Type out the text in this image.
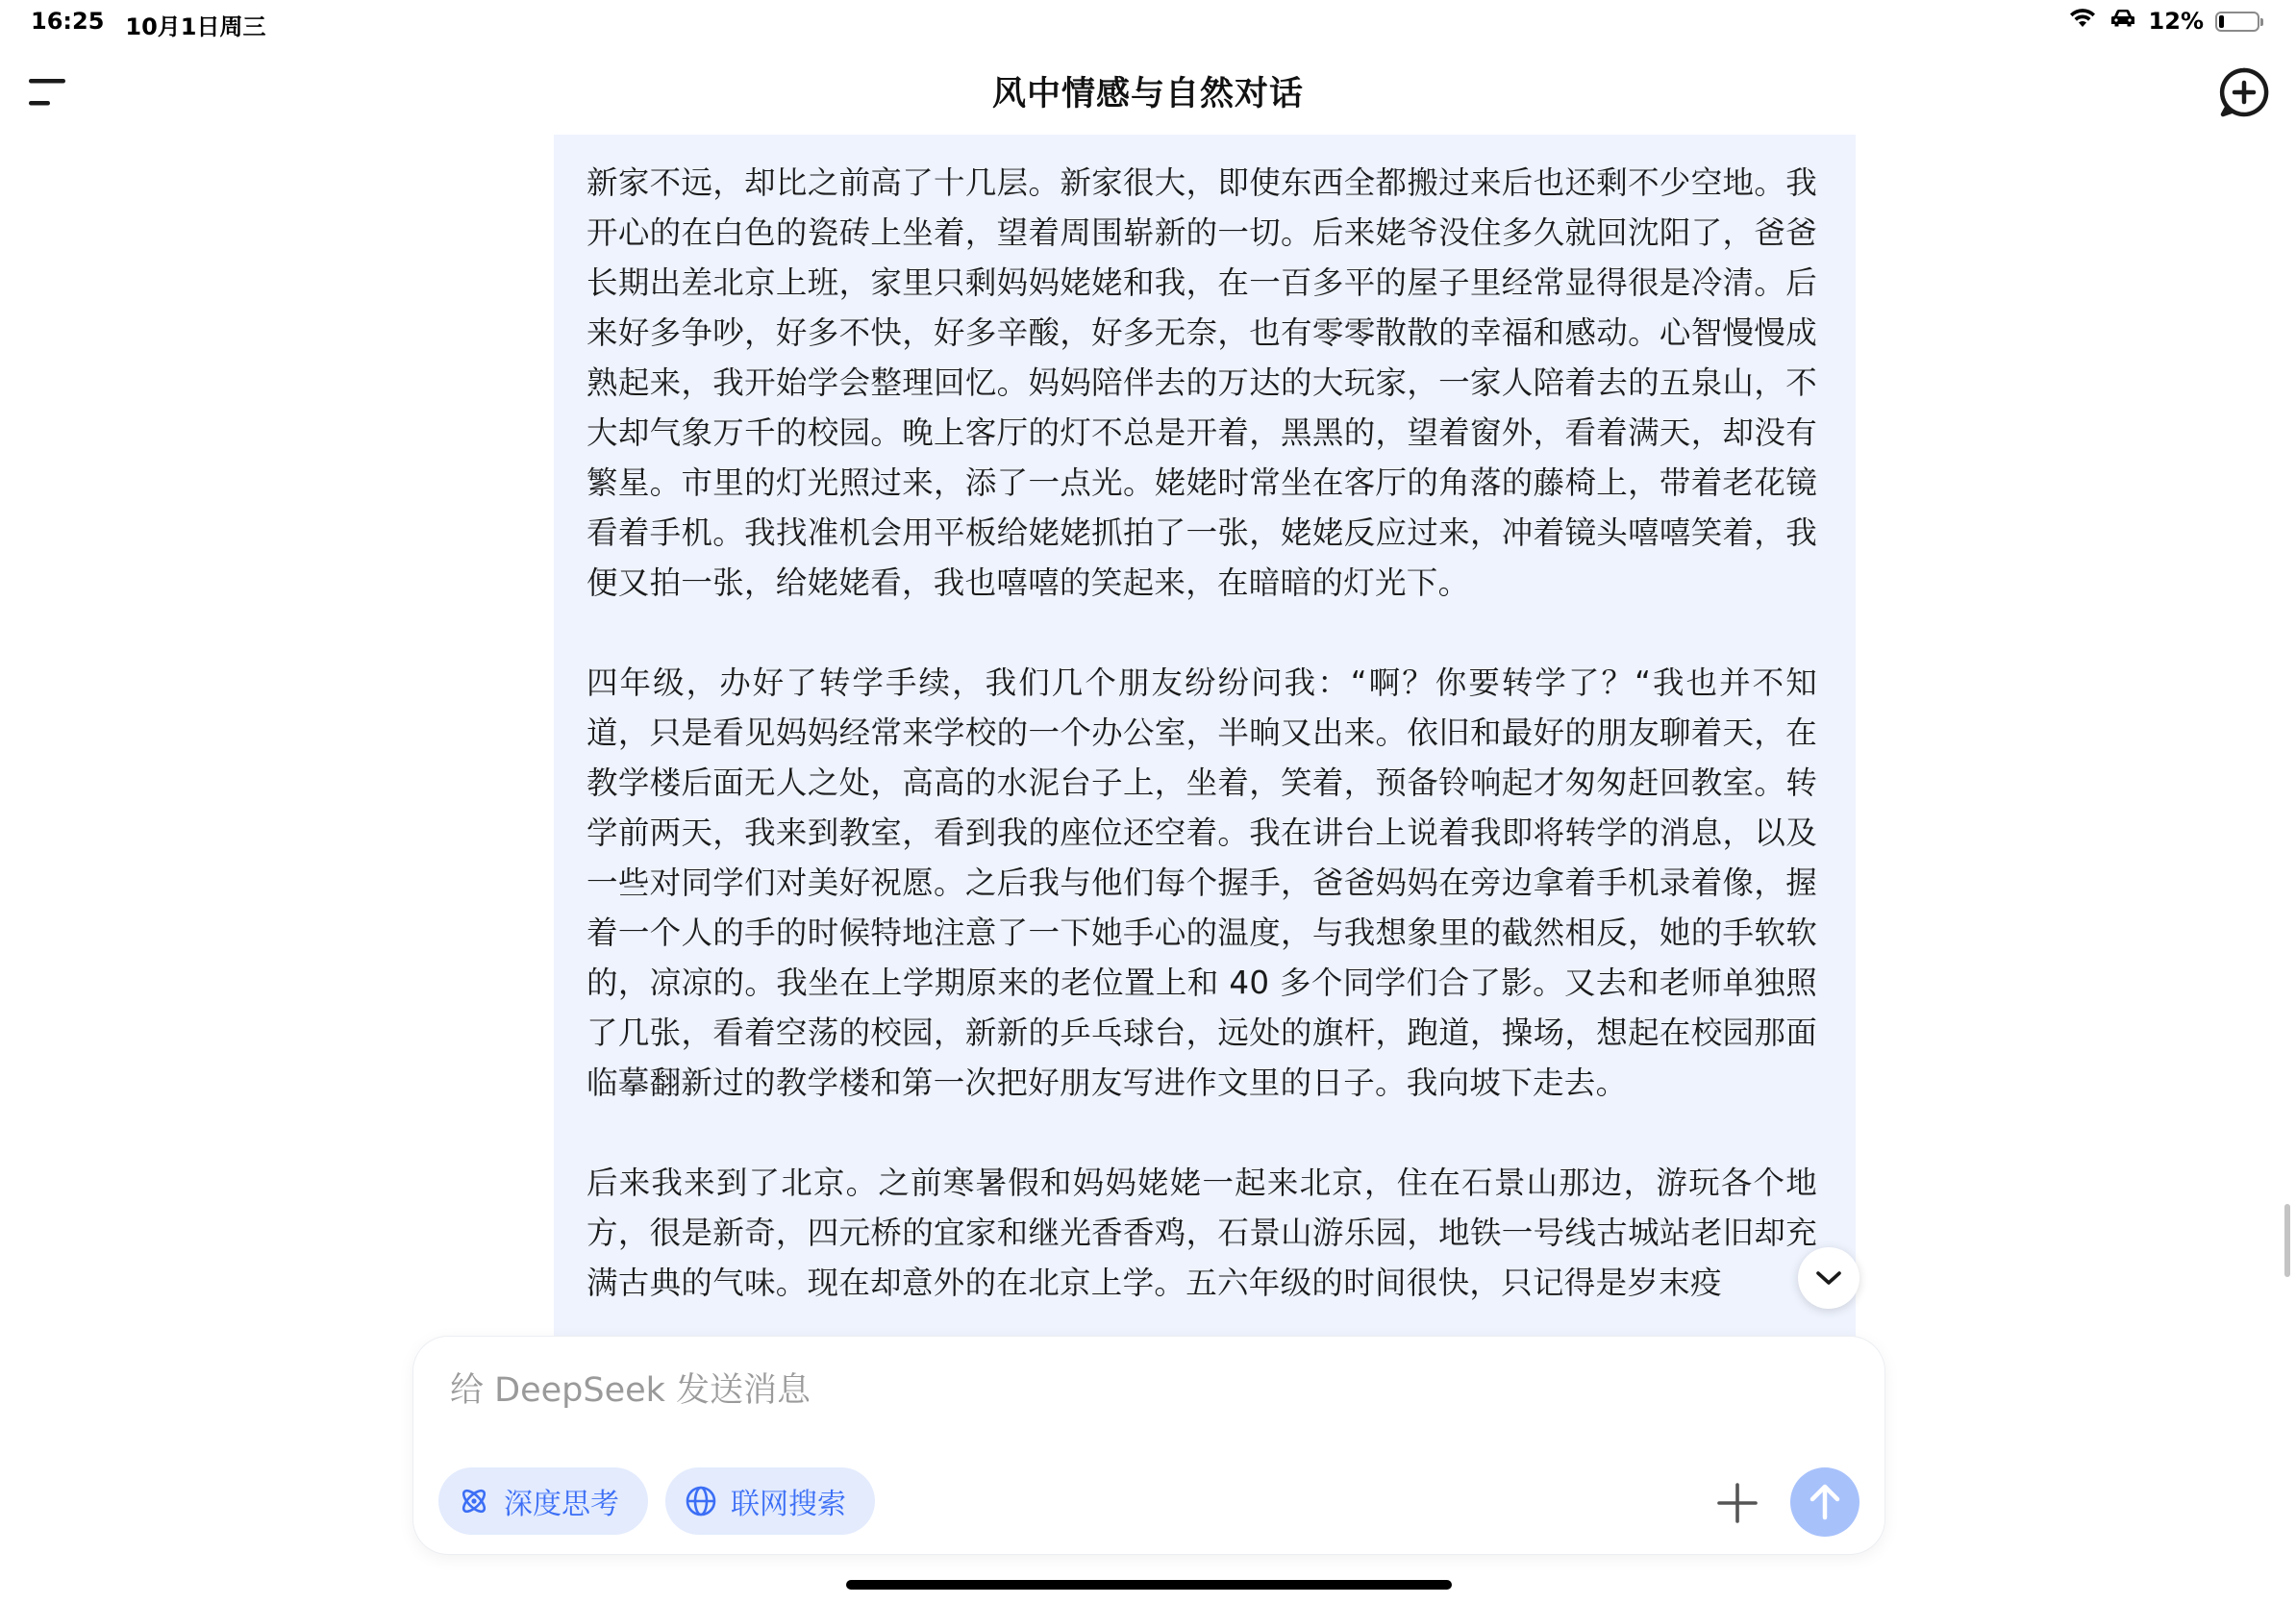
16:25 10月1日周三	12%
风中情感与自然对话

新家不远，却比之前高了十几层。新家很大，即使东西全都搬过来后也还剩不少空地。我开心的在白色的瓷砖上坐着，望着周围崭新的一切。后来姥爷没住多久就回沈阳了，爸爸长期出差北京上班，家里只剩妈妈姥姥和我，在一百多平的屋子里经常显得很是冷清。后来好多争吵，好多不快，好多辛酸，好多无奈，也有零零散散的幸福和感动。心智慢慢成熟起来，我开始学会整理回忆。妈妈陪伴去的万达的大玩家，一家人陪着去的五泉山，不大却气象万千的校园。晚上客厅的灯不总是开着，黑黑的，望着窗外，看着满天，却没有繁星。市里的灯光照过来，添了一点光。姥姥时常坐在客厅的角落的藤椅上，带着老花镜看着手机。我找准机会用平板给姥姥抓拍了一张，姥姥反应过来，冲着镜头嘻嘻笑着，我便又拍一张，给姥姥看，我也嘻嘻的笑起来，在暗暗的灯光下。

四年级，办好了转学手续，我们几个朋友纷纷问我：“啊？你要转学了？“我也并不知道，只是看见妈妈经常来学校的一个办公室，半晌又出来。依旧和最好的朋友聊着天，在教学楼后面无人之处，高高的水泥台子上，坐着，笑着，预备铃响起才匆匆赶回教室。转学前两天，我来到教室，看到我的座位还空着。我在讲台上说着我即将转学的消息，以及一些对同学们对美好祝愿。之后我与他们每个握手，爸爸妈妈在旁边拿着手机录着像，握着一个人的手的时候特地注意了一下她手心的温度，与我想象里的截然相反，她的手软软的，凉凉的。我坐在上学期原来的老位置上和 40 多个同学们合了影。又去和老师单独照了几张，看着空荡的校园，新新的乒乓球台，远处的旗杆，跑道，操场，想起在校园那面临摹翻新过的教学楼和第一次把好朋友写进作文里的日子。我向坡下走去。

后来我来到了北京。之前寒暑假和妈妈姥姥一起来北京，住在石景山那边，游玩各个地方，很是新奇，四元桥的宜家和继光香香鸡，石景山游乐园，地铁一号线古城站老旧却充满古典的气味。现在却意外的在北京上学。五六年级的时间很快，只记得是岁末疫

给 DeepSeek 发送消息
深度思考	联网搜索
